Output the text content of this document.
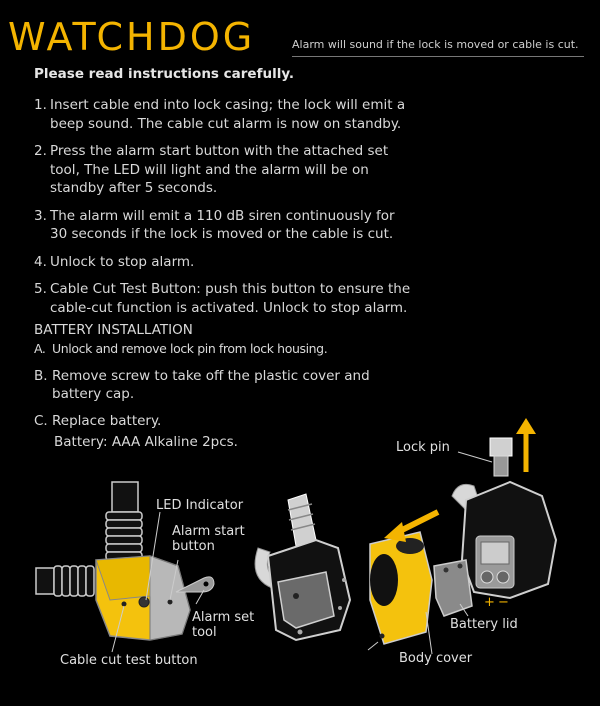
WATCHDOG	Alarm will sound if the lock is moved or cable is cut.
Please read instructions carefully.
1. Insert cable end into lock casing; the lock will emit a beep sound. The cable cut alarm is now on standby.
2. Press the alarm start button with the attached set tool, The LED will light and the alarm will be on standby after 5 seconds.
3. The alarm will emit a 110 dB siren continuously for 30 seconds if the lock is moved or the cable is cut.
4. Unlock to stop alarm.
5. Cable Cut Test Button: push this button to ensure the cable-cut function is activated. Unlock to stop alarm.
BATTERY INSTALLATION
A. Unlock and remove lock pin from lock housing.
B. Remove screw to take off the plastic cover and battery cap.
C. Replace battery.
Battery: AAA Alkaline 2pcs.
+ −
LED Indicator
Alarm start
button
Alarm set
tool
Cable cut test button
Lock pin
Battery lid
Body cover
